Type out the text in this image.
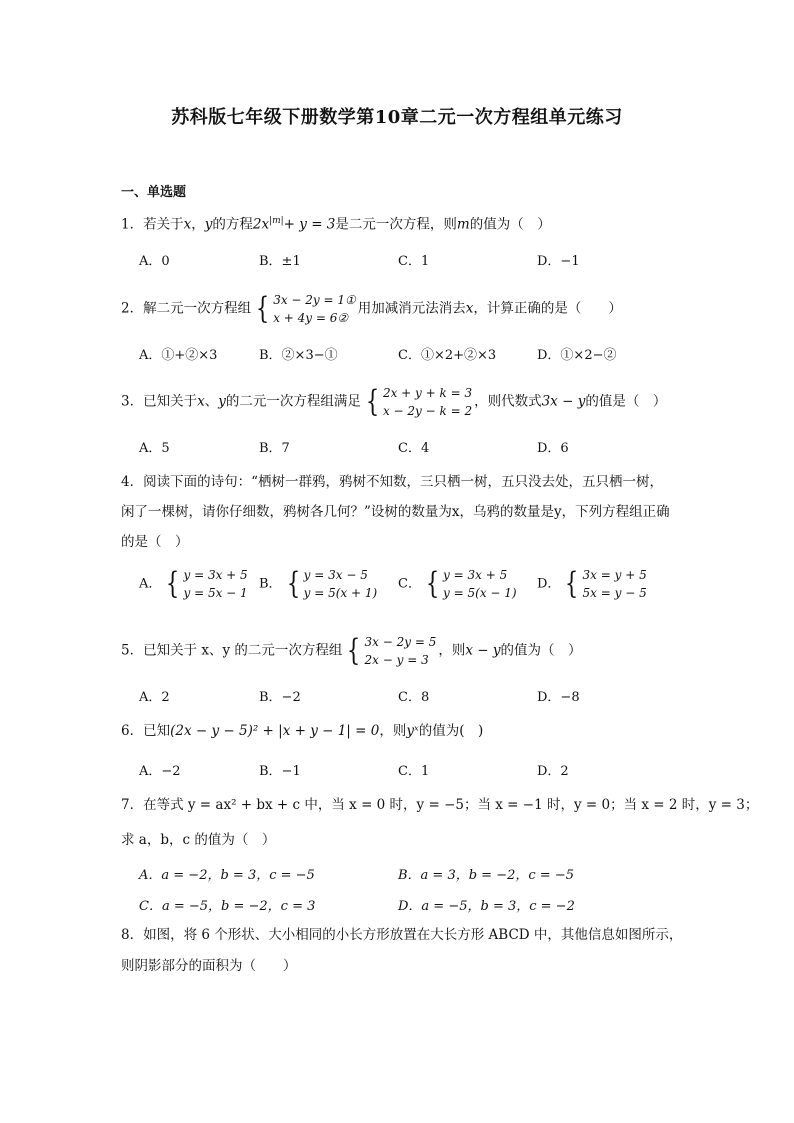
苏科版七年级下册数学第10章二元一次方程组单元练习
一、单选题
1．若关于x，y的方程$2x^{|m|}+ y = 3$是二元一次方程，则m的值为（　）
A．0	B．±1	C．1	D．−1
2．解二元一次方程组 { 3x − 2y = 1①
x + 4y = 6②
用加减消元法消去x，计算正确的是（　　）
A．①+②×3	B．②×3−①	C．①×2+②×3	D．①×2−②
3．已知关于x、y的二元一次方程组满足 { 2x + y + k = 3
x − 2y − k = 2
，则代数式3x − y的值是（　）
A．5	B．7	C．4	D．6
4．阅读下面的诗句：“栖树一群鸦，鸦树不知数，三只栖一树，五只没去处，五只栖一树，闲了一棵树，请你仔细数，鸦树各几何？”设树的数量为x，乌鸦的数量是y，下列方程组正确的是（　）
A． { y = 3x + 5
y = 5x − 1
B． { y = 3x − 5
y = 5(x + 1)
C． { y = 3x + 5
y = 5(x − 1)
D． { 3x = y + 5
5x = y − 5
5．已知关于 x、y 的二元一次方程组 { 3x − 2y = 5
2x − y = 3
，则x − y的值为（　）
A．2	B．−2	C．8	D．−8
6．已知(2x − y − 5)² + |x + y − 1| = 0，则yˣ的值为(　)
A．−2	B．−1	C．1	D．2
7．在等式 y = ax² + bx + c 中，当 x = 0 时，y = −5；当 x = −1 时，y = 0；当 x = 2 时，y = 3；
求 a，b，c 的值为（　）
A．a = −2，b = 3，c = −5	B．a = 3，b = −2，c = −5
C．a = −5，b = −2，c = 3	D．a = −5，b = 3，c = −2
8．如图，将 6 个形状、大小相同的小长方形放置在大长方形 ABCD 中，其他信息如图所示，
则阴影部分的面积为（　　）
